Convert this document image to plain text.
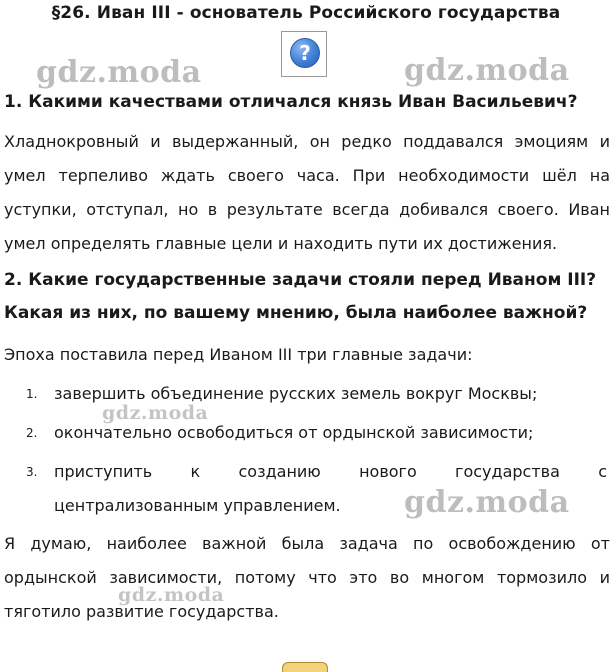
§26. Иван III - основатель Российского государства
?
gdz.moda	gdz.moda
1. Какими качествами отличался князь Иван Васильевич?
Хладнокровный и выдержанный, он редко поддавался эмоциям и умел терпеливо ждать своего часа. При необходимости шёл на уступки, отступал, но в результате всегда добивался своего. Иван умел определять главные цели и находить пути их достижения.
2. Какие государственные задачи стояли перед Иваном III? Какая из них, по вашему мнению, была наиболее важной?
Эпоха поставила перед Иваном III три главные задачи:
1. завершить объединение русских земель вокруг Москвы;
2. окончательно освободиться от ордынской зависимости;
3. приступить к созданию нового государства с централизованным управлением.
gdz.moda
gdz.moda
Я думаю, наиболее важной была задача по освобождению от ордынской зависимости, потому что это во многом тормозило и тяготило развитие государства.
gdz.moda
